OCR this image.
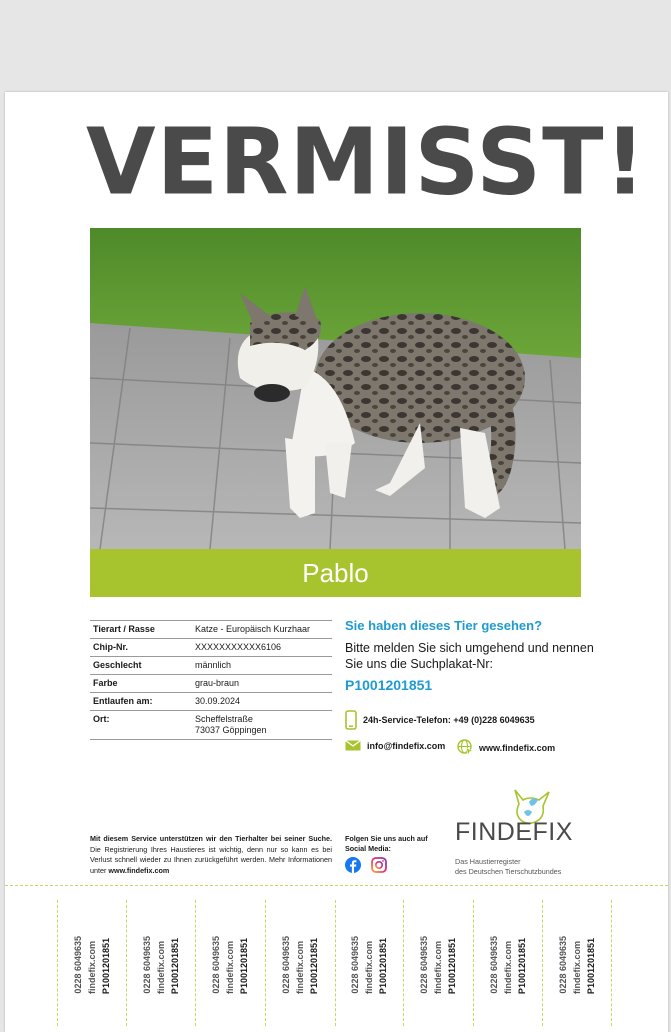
VERMISST!
Pablo
Tierart / Rasse	Katze - Europäisch Kurzhaar
Chip-Nr.	XXXXXXXXXXX6106
Geschlecht	männlich
Farbe	grau-braun
Entlaufen am:	30.09.2024
Ort:	Scheffelstraße
73037 Göppingen
Sie haben dieses Tier gesehen?
Bitte melden Sie sich umgehend und nennen Sie uns die Suchplakat-Nr:
P1001201851
24h-Service-Telefon: +49 (0)228 6049635
info@findefix.com	www.findefix.com
Mit diesem Service unterstützen wir den Tierhalter bei seiner Suche. Die Registrierung Ihres Haustieres ist wichtig, denn nur so kann es bei Verlust schnell wieder zu Ihnen zurückgeführt werden. Mehr Informationen unter www.findefix.com
Folgen Sie uns auch auf Social Media:
FINDEFIX
Das Haustierregister
des Deutschen Tierschutzbundes
0228 6049635 findefix.com P1001201851	0228 6049635 findefix.com P1001201851	0228 6049635 findefix.com P1001201851	0228 6049635 findefix.com P1001201851	0228 6049635 findefix.com P1001201851	0228 6049635 findefix.com P1001201851	0228 6049635 findefix.com P1001201851	0228 6049635 findefix.com P1001201851
